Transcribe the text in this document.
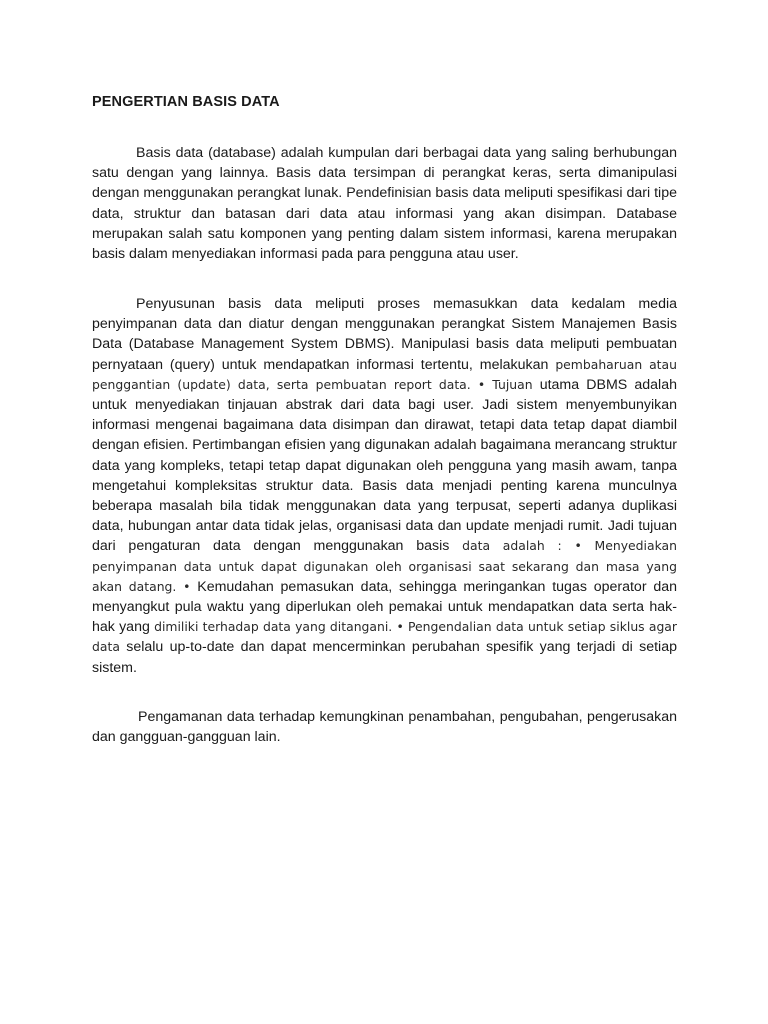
PENGERTIAN BASIS DATA

Basis data (database) adalah kumpulan dari berbagai data yang saling berhubungan satu dengan yang lainnya. Basis data tersimpan di perangkat keras, serta dimanipulasi dengan menggunakan perangkat lunak. Pendefinisian basis data meliputi spesifikasi dari tipe data, struktur dan batasan dari data atau informasi yang akan disimpan. Database merupakan salah satu komponen yang penting dalam sistem informasi, karena merupakan basis dalam menyediakan informasi pada para pengguna atau user.

Penyusunan basis data meliputi proses memasukkan data kedalam media penyimpanan data dan diatur dengan menggunakan perangkat Sistem Manajemen Basis Data (Database Management System DBMS). Manipulasi basis data meliputi pembuatan pernyataan (query) untuk mendapatkan informasi tertentu, melakukan pembaharuan atau penggantian (update) data, serta pembuatan report data. • Tujuan utama DBMS adalah untuk menyediakan tinjauan abstrak dari data bagi user. Jadi sistem menyembunyikan informasi mengenai bagaimana data disimpan dan dirawat, tetapi data tetap dapat diambil dengan efisien. Pertimbangan efisien yang digunakan adalah bagaimana merancang struktur data yang kompleks, tetapi tetap dapat digunakan oleh pengguna yang masih awam, tanpa mengetahui kompleksitas struktur data. Basis data menjadi penting karena munculnya beberapa masalah bila tidak menggunakan data yang terpusat, seperti adanya duplikasi data, hubungan antar data tidak jelas, organisasi data dan update menjadi rumit. Jadi tujuan dari pengaturan data dengan menggunakan basis data adalah : • Menyediakan penyimpanan data untuk dapat digunakan oleh organisasi saat sekarang dan masa yang akan datang. • Kemudahan pemasukan data, sehingga meringankan tugas operator dan menyangkut pula waktu yang diperlukan oleh pemakai untuk mendapatkan data serta hak-hak yang dimiliki terhadap data yang ditangani. • Pengendalian data untuk setiap siklus agar data selalu up-to-date dan dapat mencerminkan perubahan spesifik yang terjadi di setiap sistem.

Pengamanan data terhadap kemungkinan penambahan, pengubahan, pengerusakan dan gangguan-gangguan lain.
